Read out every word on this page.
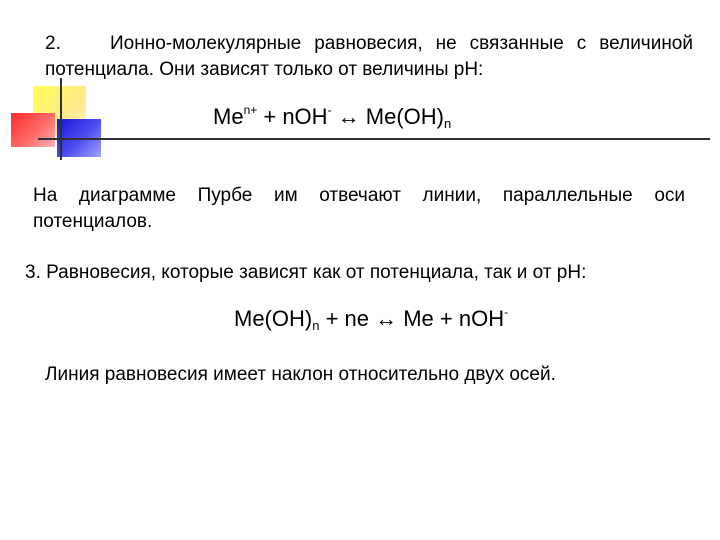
2.	Ионно-молекулярные равновесия, не связанные с величиной потенциала. Они зависят только от величины рН:

$Me^{n+} + nOH^-$ ↔ $Me(OH)_n$

На диаграмме Пурбе им отвечают линии, параллельные оси потенциалов.

3. Равновесия, которые зависят как от потенциала, так и от рН:

$Me(OH)_n$ + ne ↔ Me + nOH-

Линия равновесия имеет наклон относительно двух осей.
